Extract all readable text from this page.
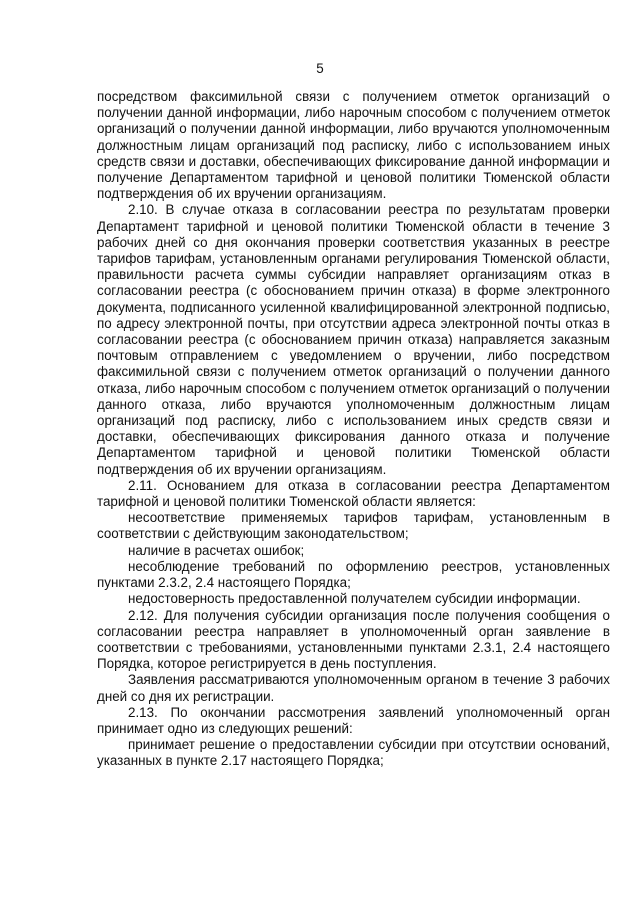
5

посредством факсимильной связи с получением отметок организаций о получении данной информации, либо нарочным способом с получением отметок организаций о получении данной информации, либо вручаются уполномоченным должностным лицам организаций под расписку, либо с использованием иных средств связи и доставки, обеспечивающих фиксирование данной информации и получение Департаментом тарифной и ценовой политики Тюменской области подтверждения об их вручении организациям.

2.10. В случае отказа в согласовании реестра по результатам проверки Департамент тарифной и ценовой политики Тюменской области в течение 3 рабочих дней со дня окончания проверки соответствия указанных в реестре тарифов тарифам, установленным органами регулирования Тюменской области, правильности расчета суммы субсидии направляет организациям отказ в согласовании реестра (с обоснованием причин отказа) в форме электронного документа, подписанного усиленной квалифицированной электронной подписью, по адресу электронной почты, при отсутствии адреса электронной почты отказ в согласовании реестра (с обоснованием причин отказа) направляется заказным почтовым отправлением с уведомлением о вручении, либо посредством факсимильной связи с получением отметок организаций о получении данного отказа, либо нарочным способом с получением отметок организаций о получении данного отказа, либо вручаются уполномоченным должностным лицам организаций под расписку, либо с использованием иных средств связи и доставки, обеспечивающих фиксирования данного отказа и получение Департаментом тарифной и ценовой политики Тюменской области подтверждения об их вручении организациям.

2.11. Основанием для отказа в согласовании реестра Департаментом тарифной и ценовой политики Тюменской области является:

несоответствие применяемых тарифов тарифам, установленным в соответствии с действующим законодательством;

наличие в расчетах ошибок;

несоблюдение требований по оформлению реестров, установленных пунктами 2.3.2, 2.4 настоящего Порядка;

недостоверность предоставленной получателем субсидии информации.

2.12. Для получения субсидии организация после получения сообщения о согласовании реестра направляет в уполномоченный орган заявление в соответствии с требованиями, установленными пунктами 2.3.1, 2.4 настоящего Порядка, которое регистрируется в день поступления.

Заявления рассматриваются уполномоченным органом в течение 3 рабочих дней со дня их регистрации.

2.13. По окончании рассмотрения заявлений уполномоченный орган принимает одно из следующих решений:

принимает решение о предоставлении субсидии при отсутствии оснований, указанных в пункте 2.17 настоящего Порядка;
